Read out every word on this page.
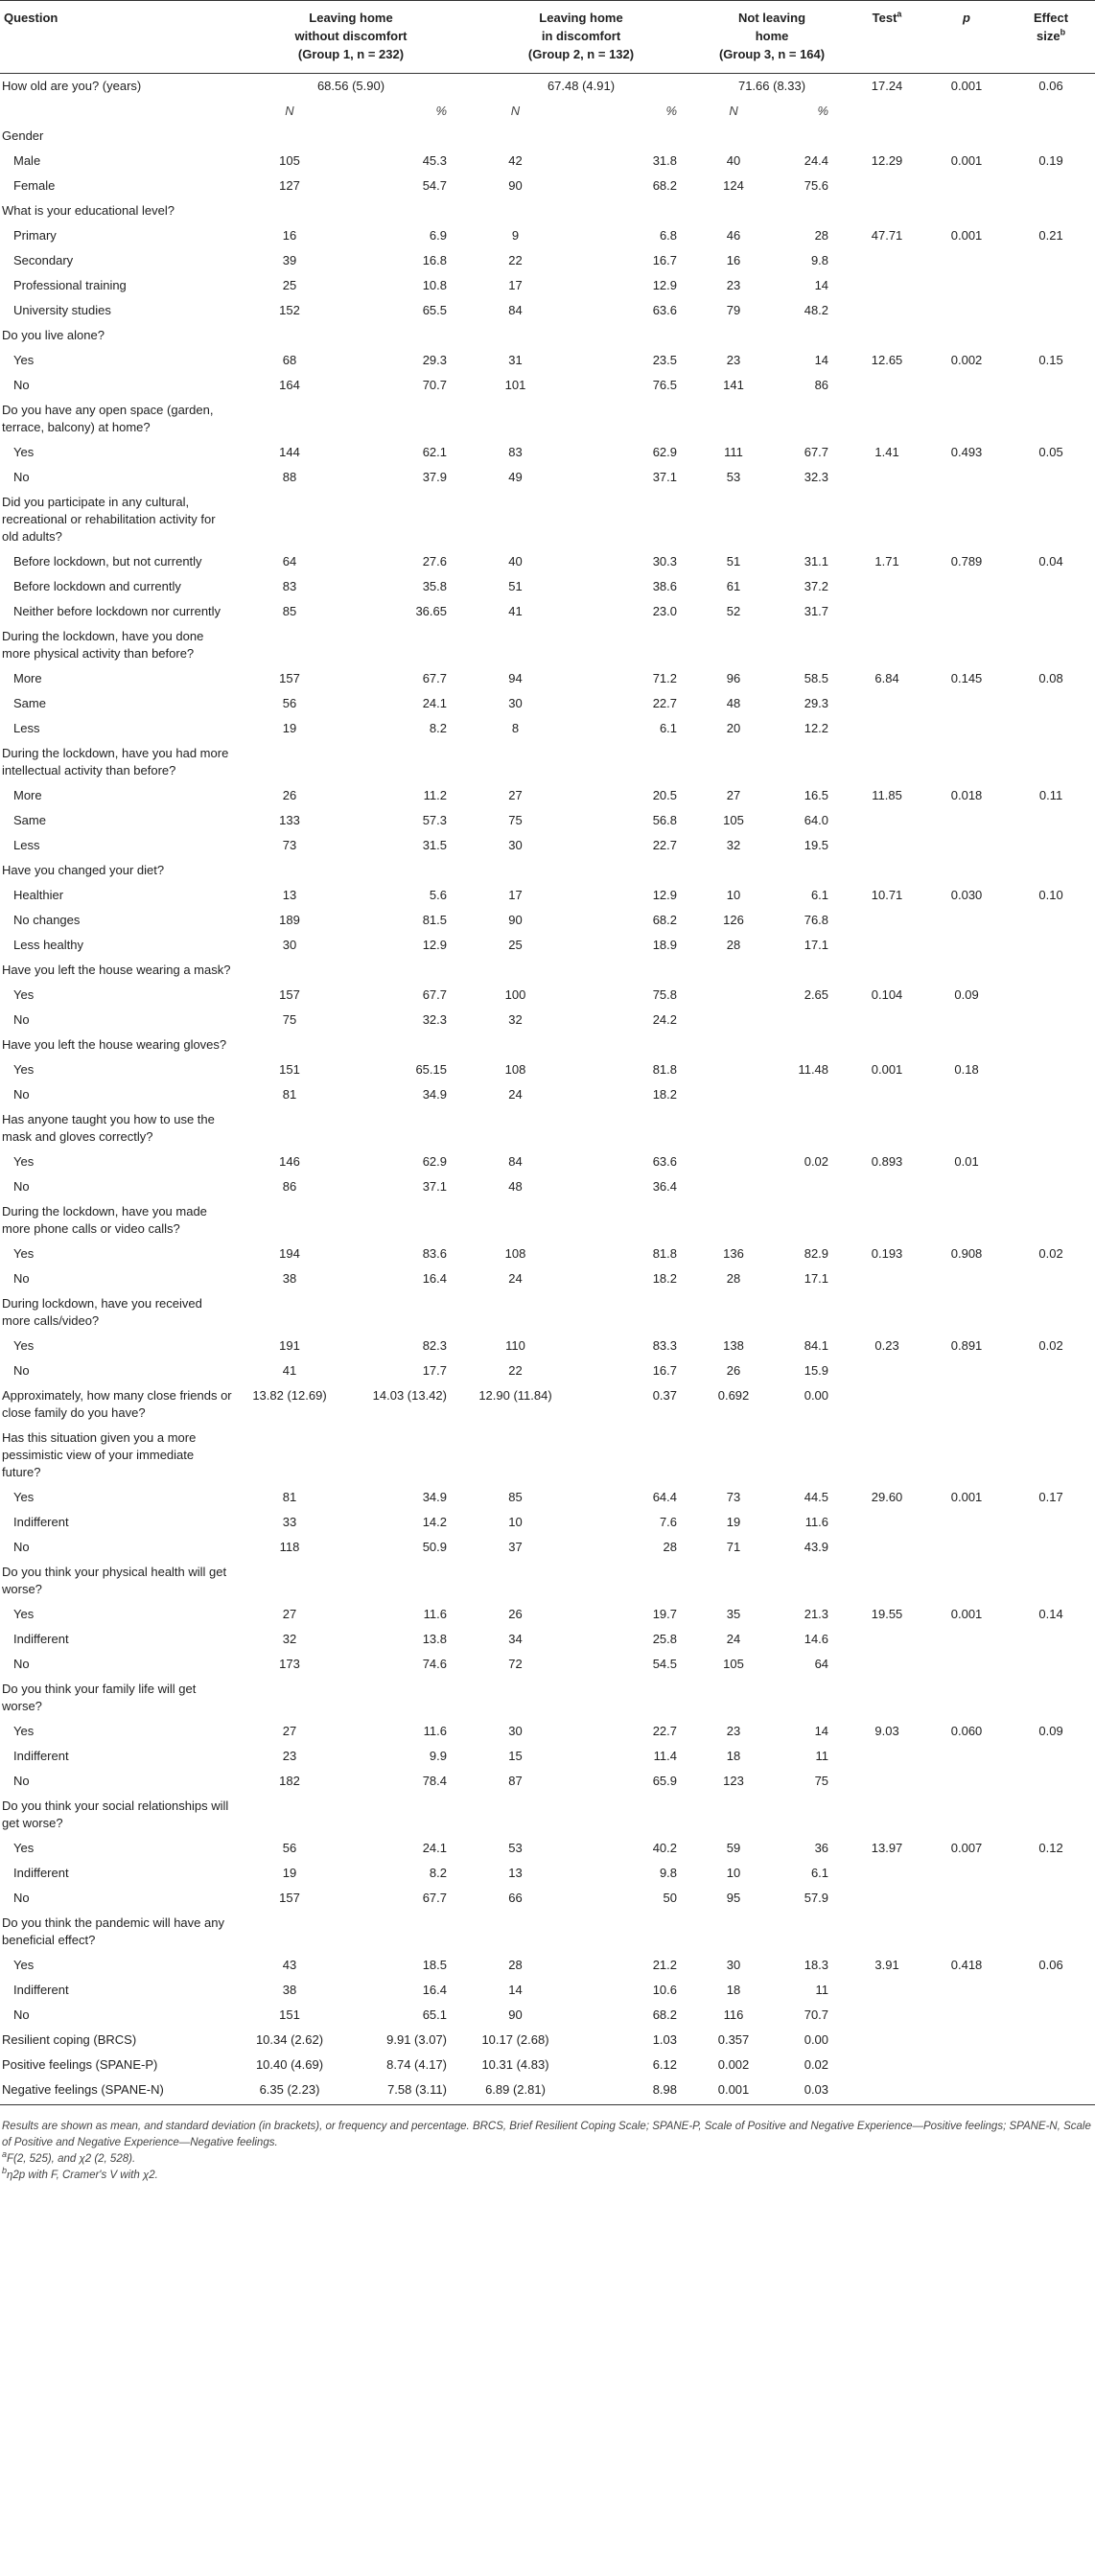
Question	Leaving home
without discomfort
(Group 1, n = 232)		Leaving home
in discomfort
(Group 2, n = 132)		Not leaving
home
(Group 3, n = 164)		Test$^a$	p	Effect
size$^b$
How old are you? (years)	68.56 (5.90)		67.48 (4.91)		71.66 (8.33)		17.24	0.001	0.06
	N	%	N	%	N	%			
Gender									
Male	105	45.3	42	31.8	40	24.4	12.29	0.001	0.19
Female	127	54.7	90	68.2	124	75.6			
What is your educational level?									
Primary	16	6.9	9	6.8	46	28	47.71	0.001	0.21
Secondary	39	16.8	22	16.7	16	9.8			
Professional training	25	10.8	17	12.9	23	14			
University studies	152	65.5	84	63.6	79	48.2			
Do you live alone?									
Yes	68	29.3	31	23.5	23	14	12.65	0.002	0.15
No	164	70.7	101	76.5	141	86			
Do you have any open space (garden, terrace, balcony) at home?									
Yes	144	62.1	83	62.9	111	67.7	1.41	0.493	0.05
No	88	37.9	49	37.1	53	32.3			
Did you participate in any cultural, recreational or rehabilitation activity for old adults?									
Before lockdown, but not currently	64	27.6	40	30.3	51	31.1	1.71	0.789	0.04
Before lockdown and currently	83	35.8	51	38.6	61	37.2			
Neither before lockdown nor currently	85	36.65	41	23.0	52	31.7			
During the lockdown, have you done more physical activity than before?									
More	157	67.7	94	71.2	96	58.5	6.84	0.145	0.08
Same	56	24.1	30	22.7	48	29.3			
Less	19	8.2	8	6.1	20	12.2			
During the lockdown, have you had more intellectual activity than before?									
More	26	11.2	27	20.5	27	16.5	11.85	0.018	0.11
Same	133	57.3	75	56.8	105	64.0			
Less	73	31.5	30	22.7	32	19.5			
Have you changed your diet?									
Healthier	13	5.6	17	12.9	10	6.1	10.71	0.030	0.10
No changes	189	81.5	90	68.2	126	76.8			
Less healthy	30	12.9	25	18.9	28	17.1			
Have you left the house wearing a mask?									
Yes	157	67.7	100	75.8		2.65	0.104	0.09	
No	75	32.3	32	24.2					
Have you left the house wearing gloves?									
Yes	151	65.15	108	81.8		11.48	0.001	0.18	
No	81	34.9	24	18.2					
Has anyone taught you how to use the mask and gloves correctly?									
Yes	146	62.9	84	63.6		0.02	0.893	0.01	
No	86	37.1	48	36.4					
During the lockdown, have you made more phone calls or video calls?									
Yes	194	83.6	108	81.8	136	82.9	0.193	0.908	0.02
No	38	16.4	24	18.2	28	17.1			
During lockdown, have you received more calls/video?									
Yes	191	82.3	110	83.3	138	84.1	0.23	0.891	0.02
No	41	17.7	22	16.7	26	15.9			
Approximately, how many close friends or close family do you have?	13.82 (12.69)	14.03 (13.42)	12.90 (11.84)	0.37	0.692	0.00			
Has this situation given you a more pessimistic view of your immediate future?									
Yes	81	34.9	85	64.4	73	44.5	29.60	0.001	0.17
Indifferent	33	14.2	10	7.6	19	11.6			
No	118	50.9	37	28	71	43.9			
Do you think your physical health will get worse?									
Yes	27	11.6	26	19.7	35	21.3	19.55	0.001	0.14
Indifferent	32	13.8	34	25.8	24	14.6			
No	173	74.6	72	54.5	105	64			
Do you think your family life will get worse?									
Yes	27	11.6	30	22.7	23	14	9.03	0.060	0.09
Indifferent	23	9.9	15	11.4	18	11			
No	182	78.4	87	65.9	123	75			
Do you think your social relationships will get worse?									
Yes	56	24.1	53	40.2	59	36	13.97	0.007	0.12
Indifferent	19	8.2	13	9.8	10	6.1			
No	157	67.7	66	50	95	57.9			
Do you think the pandemic will have any beneficial effect?									
Yes	43	18.5	28	21.2	30	18.3	3.91	0.418	0.06
Indifferent	38	16.4	14	10.6	18	11			
No	151	65.1	90	68.2	116	70.7			
Resilient coping (BRCS)	10.34 (2.62)	9.91 (3.07)	10.17 (2.68)	1.03	0.357	0.00			
Positive feelings (SPANE-P)	10.40 (4.69)	8.74 (4.17)	10.31 (4.83)	6.12	0.002	0.02			
Negative feelings (SPANE-N)	6.35 (2.23)	7.58 (3.11)	6.89 (2.81)	8.98	0.001	0.03			

Results are shown as mean, and standard deviation (in brackets), or frequency and percentage. BRCS, Brief Resilient Coping Scale; SPANE-P, Scale of Positive and Negative Experience—Positive feelings; SPANE-N, Scale of Positive and Negative Experience—Negative feelings.

$^a$F(2, 525), and χ2 (2, 528).

$^b$η2p with F, Cramer's V with χ2.
